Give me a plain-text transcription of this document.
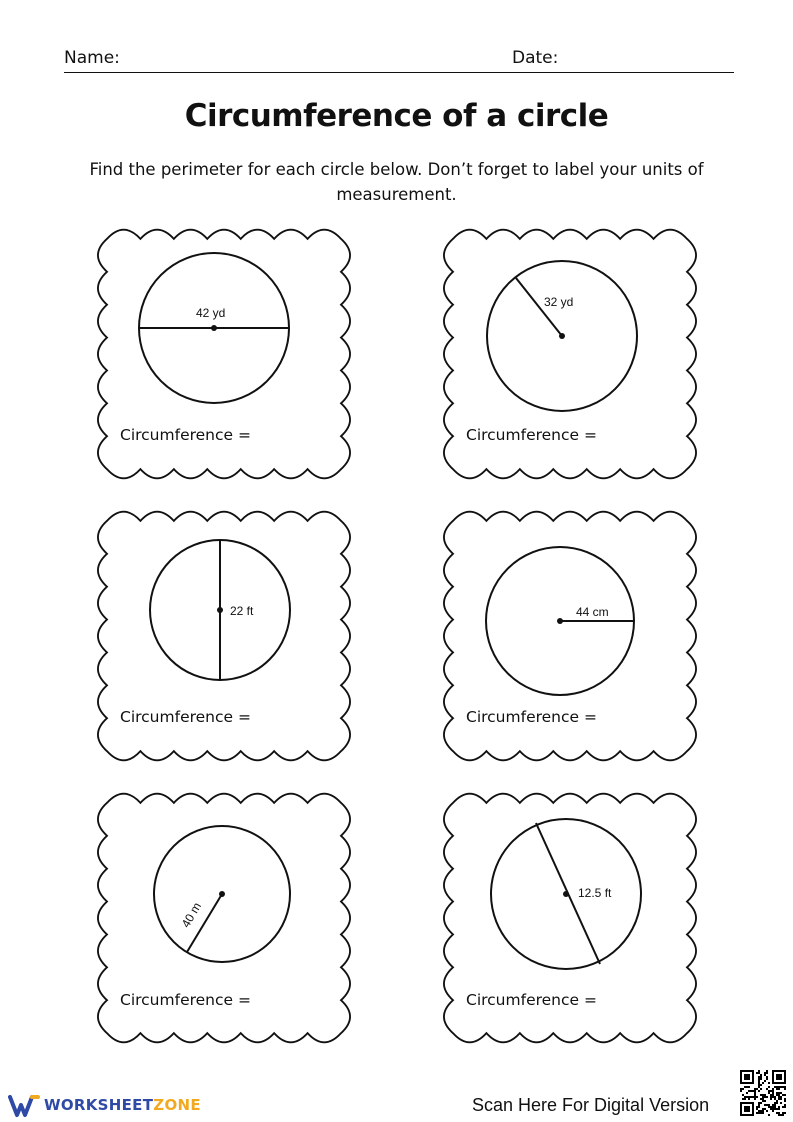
Name:	Date:
Circumference of a circle
Find the perimeter for each circle below. Don’t forget to label your units of measurement.
42 yd
Circumference =
32 yd
Circumference =
22 ft
Circumference =
44 cm
Circumference =
40 m
Circumference =
12.5 ft
Circumference =
WORKSHEETZONE	Scan Here For Digital Version
